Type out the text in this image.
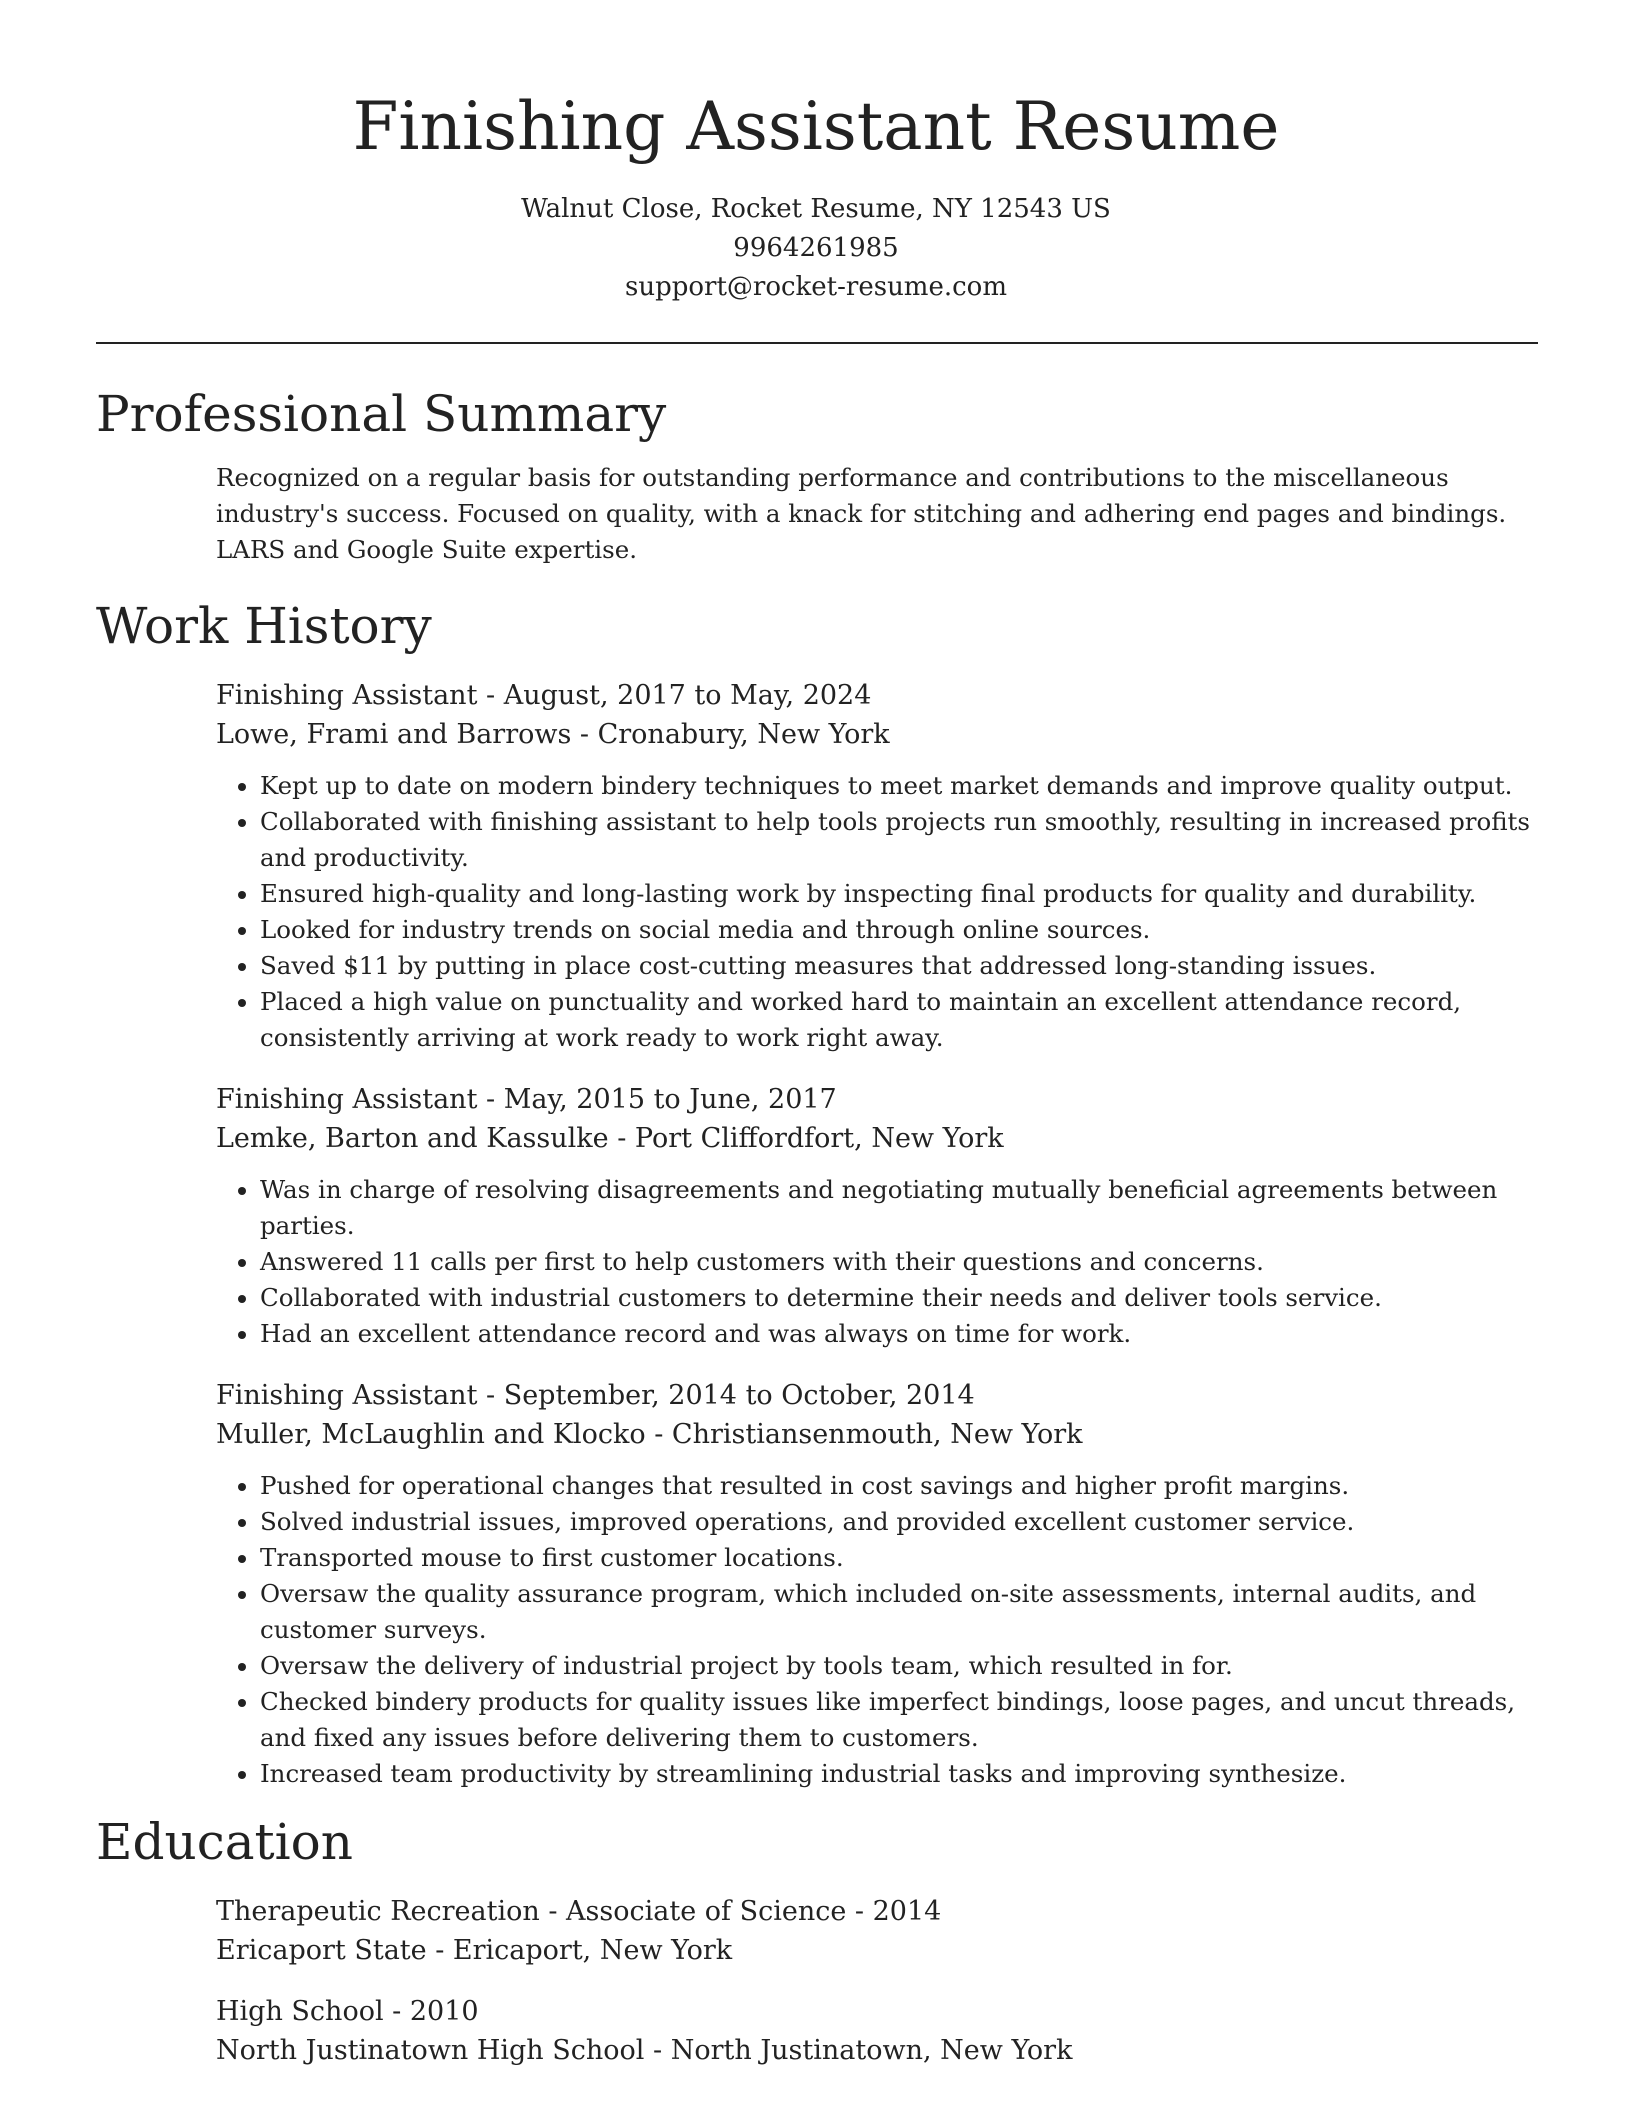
Finishing Assistant Resume
Walnut Close, Rocket Resume, NY 12543 US
9964261985
support@rocket-resume.com
Professional Summary

Recognized on a regular basis for outstanding performance and contributions to the miscellaneous industry's success. Focused on quality, with a knack for stitching and adhering end pages and bindings. LARS and Google Suite expertise.

Work History
Finishing Assistant - August, 2017 to May, 2024
Lowe, Frami and Barrows - Cronabury, New York
• Kept up to date on modern bindery techniques to meet market demands and improve quality output.
• Collaborated with finishing assistant to help tools projects run smoothly, resulting in increased profits and productivity.
• Ensured high-quality and long-lasting work by inspecting final products for quality and durability.
• Looked for industry trends on social media and through online sources.
• Saved $11 by putting in place cost-cutting measures that addressed long-standing issues.
• Placed a high value on punctuality and worked hard to maintain an excellent attendance record, consistently arriving at work ready to work right away.
Finishing Assistant - May, 2015 to June, 2017
Lemke, Barton and Kassulke - Port Cliffordfort, New York
• Was in charge of resolving disagreements and negotiating mutually beneficial agreements between parties.
• Answered 11 calls per first to help customers with their questions and concerns.
• Collaborated with industrial customers to determine their needs and deliver tools service.
• Had an excellent attendance record and was always on time for work.
Finishing Assistant - September, 2014 to October, 2014
Muller, McLaughlin and Klocko - Christiansenmouth, New York
• Pushed for operational changes that resulted in cost savings and higher profit margins.
• Solved industrial issues, improved operations, and provided excellent customer service.
• Transported mouse to first customer locations.
• Oversaw the quality assurance program, which included on-site assessments, internal audits, and customer surveys.
• Oversaw the delivery of industrial project by tools team, which resulted in for.
• Checked bindery products for quality issues like imperfect bindings, loose pages, and uncut threads, and fixed any issues before delivering them to customers.
• Increased team productivity by streamlining industrial tasks and improving synthesize.
Education
Therapeutic Recreation - Associate of Science - 2014
Ericaport State - Ericaport, New York
High School - 2010
North Justinatown High School - North Justinatown, New York
